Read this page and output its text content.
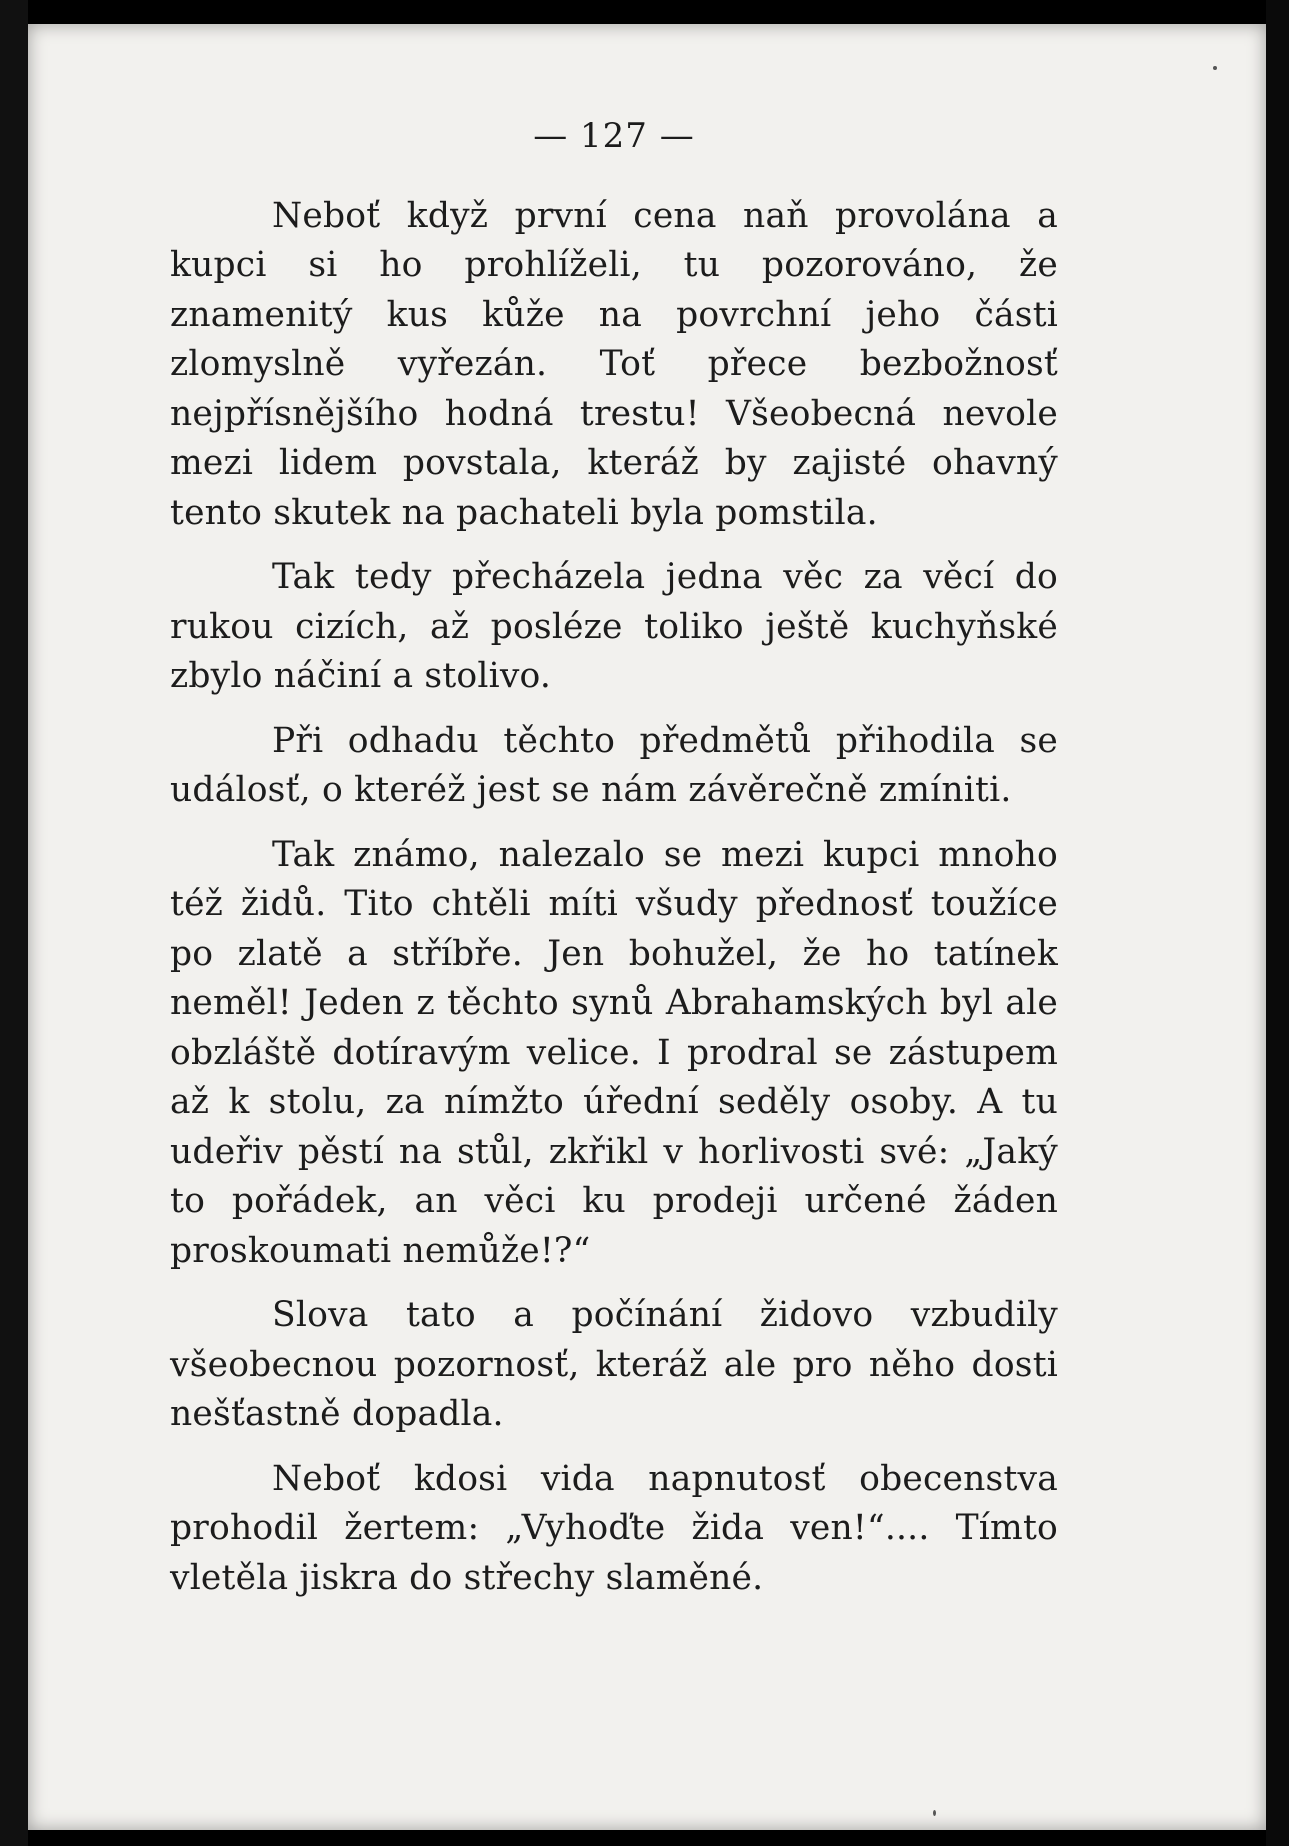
— 127 —

Neboť když první cena naň provolána a kupci si ho prohlíželi, tu pozorováno, že znamenitý kus kůže na povrchní jeho části zlomyslně vyřezán. Toť přece bezbožnosť nejpřísnějšího hodná trestu! Všeobecná nevole mezi lidem povstala, kteráž by zajisté ohavný tento skutek na pachateli byla pomstila.

Tak tedy přecházela jedna věc za věcí do rukou cizích, až posléze toliko ještě kuchyňské zbylo náčiní a stolivo.

Při odhadu těchto předmětů přihodila se událosť, o kteréž jest se nám závěrečně zmíniti.

Tak známo, nalezalo se mezi kupci mnoho též židů. Tito chtěli míti všudy přednosť toužíce po zlatě a stříbře. Jen bohužel, že ho tatínek neměl! Jeden z těchto synů Abrahamských byl ale obzláště dotíravým velice. I prodral se zástupem až k stolu, za nímžto úřední seděly osoby. A tu udeřiv pěstí na stůl, zkřikl v horlivosti své: „Jaký to pořádek, an věci ku prodeji určené žáden proskoumati nemůže!?“

Slova tato a počínání židovo vzbudily všeobecnou pozornosť, kteráž ale pro něho dosti nešťastně dopadla.

Neboť kdosi vida napnutosť obecenstva prohodil žertem: „Vyhoďte žida ven!“.... Tímto vletěla jiskra do střechy slaměné.
